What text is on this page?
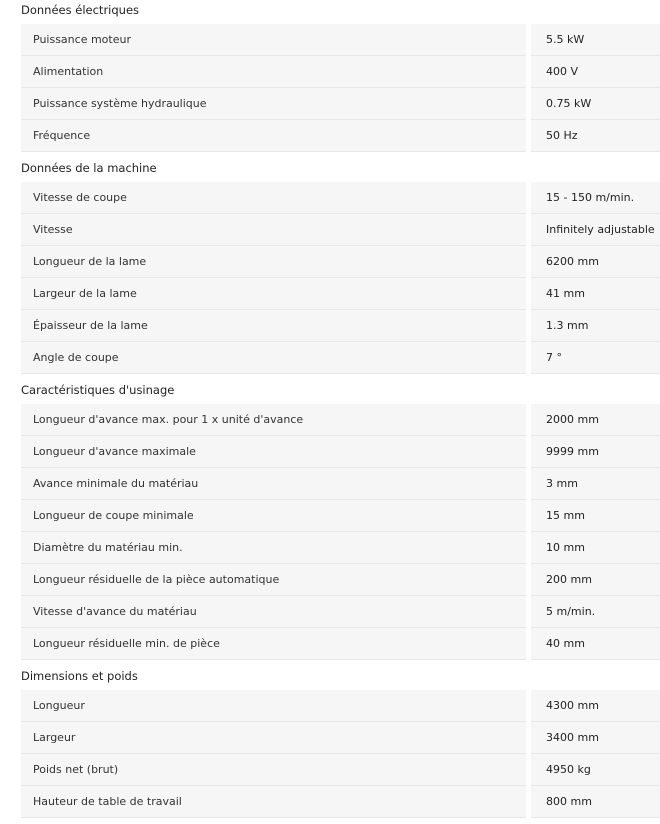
Données électriques
Puissance moteur	5.5 kW
Alimentation	400 V
Puissance système hydraulique	0.75 kW
Fréquence	50 Hz
Données de la machine
Vitesse de coupe	15 - 150 m/min.
Vitesse	Infinitely adjustable
Longueur de la lame	6200 mm
Largeur de la lame	41 mm
Épaisseur de la lame	1.3 mm
Angle de coupe	7 °
Caractéristiques d'usinage
Longueur d'avance max. pour 1 x unité d'avance	2000 mm
Longueur d'avance maximale	9999 mm
Avance minimale du matériau	3 mm
Longueur de coupe minimale	15 mm
Diamètre du matériau min.	10 mm
Longueur résiduelle de la pièce automatique	200 mm
Vitesse d'avance du matériau	5 m/min.
Longueur résiduelle min. de pièce	40 mm
Dimensions et poids
Longueur	4300 mm
Largeur	3400 mm
Poids net (brut)	4950 kg
Hauteur de table de travail	800 mm
